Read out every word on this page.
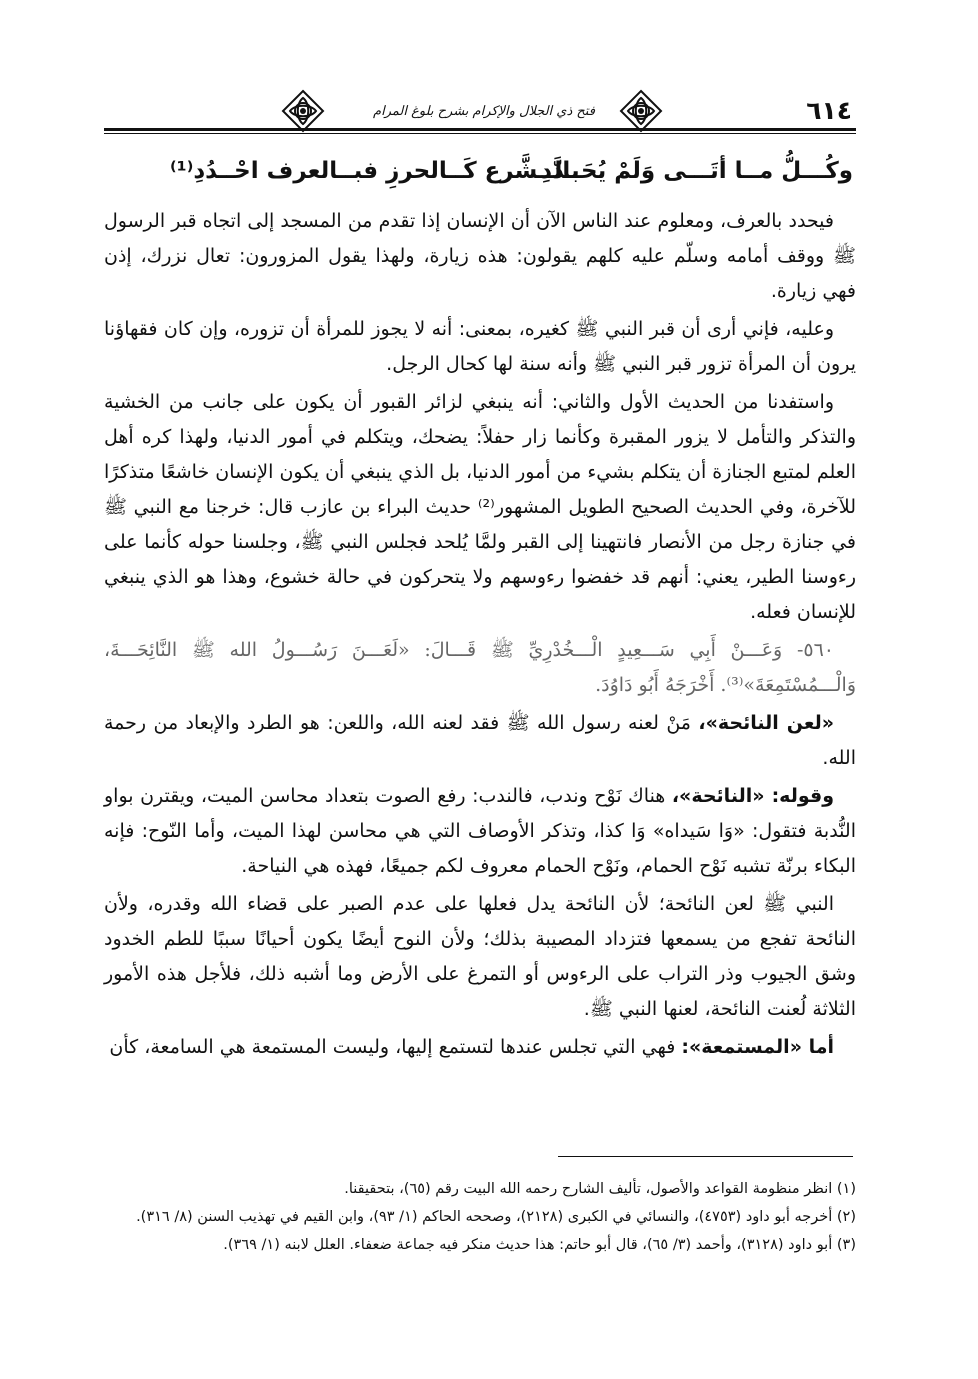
فتح ذي الجلال والإكرام بشرح بلوغ المرام	٦١٤
وكُـــلُّ مــا أتَـــى وَلَمْ يُحَــدَّدِ
بالــشَّرع كَــالحرزِ فبــالعرف احْــدُدِ⁽¹⁾

فيحدد بالعرف، ومعلوم عند الناس الآن أن الإنسان إذا تقدم من المسجد إلى اتجاه قبر الرسول ﷺ ووقف أمامه وسلّم عليه كلهم يقولون: هذه زيارة، ولهذا يقول المزورون: تعال نزرك، إذن فهي زيارة.

وعليه، فإني أرى أن قبر النبي ﷺ كغيره، بمعنى: أنه لا يجوز للمرأة أن تزوره، وإن كان فقهاؤنا يرون أن المرأة تزور قبر النبي ﷺ وأنه سنة لها كحال الرجل.

واستفدنا من الحديث الأول والثاني: أنه ينبغي لزائر القبور أن يكون على جانب من الخشية والتذكر والتأمل لا يزور المقبرة وكأنما زار حفلاً: يضحك، ويتكلم في أمور الدنيا، ولهذا كره أهل العلم لمتبع الجنازة أن يتكلم بشيء من أمور الدنيا، بل الذي ينبغي أن يكون الإنسان خاشعًا متذكرًا للآخرة، وفي الحديث الصحيح الطويل المشهور⁽²⁾ حديث البراء بن عازب قال: خرجنا مع النبي ﷺ في جنازة رجل من الأنصار فانتهينا إلى القبر ولمَّا يُلحد فجلس النبي ﷺ، وجلسنا حوله كأنما على رءوسنا الطير، يعني: أنهم قد خفضوا رءوسهم ولا يتحركون في حالة خشوع، وهذا هو الذي ينبغي للإنسان فعله.

٥٦٠- وَعَـــنْ أَبِي سَـــعِيدٍ الْـــخُدْرِيِّ ﷺ قَـــالَ: «لَعَـــنَ رَسُـــولُ الله ﷺ النَّائِحَـــةَ، وَالْـــمُسْتَمِعَةَ»⁽³⁾. أَخْرَجَهُ أَبُو دَاوُدَ.

«لعن النائحة»، مَنْ لعنه رسول الله ﷺ فقد لعنه الله، واللعن: هو الطرد والإبعاد من رحمة الله.

وقوله: «النائحة»، هناك نَوْح وندب، فالندب: رفع الصوت بتعداد محاسن الميت، ويقترن بواو النُّدبة فتقول: «وَا سَيداه» وَا كذا، وتذكر الأوصاف التي هي محاسن لهذا الميت، وأما النّوح: فإنه البكاء برنّة تشبه نَوْح الحمام، ونَوْح الحمام معروف لكم جميعًا، فهذه هي النياحة.

النبي ﷺ لعن النائحة؛ لأن النائحة يدل فعلها على عدم الصبر على قضاء الله وقدره، ولأن النائحة تفجع من يسمعها فتزداد المصيبة بذلك؛ ولأن النوح أيضًا يكون أحيانًا سببًا للطم الخدود وشق الجيوب وذر التراب على الرءوس أو التمرغ على الأرض وما أشبه ذلك، فلأجل هذه الأمور الثلاثة لُعنت النائحة، لعنها النبي ﷺ.

أما «المستمعة»: فهي التي تجلس عندها لتستمع إليها، وليست المستمعة هي السامعة، كأن

(١) انظر منظومة القواعد والأصول، تأليف الشارح رحمه الله البيت رقم (٦٥)، بتحقيقنا.

(٢) أخرجه أبو داود (٤٧٥٣)، والنسائي في الكبرى (٢١٢٨)، وصححه الحاكم (١/ ٩٣)، وابن القيم في تهذيب السنن (٨/ ٣١٦).

(٣) أبو داود (٣١٢٨)، وأحمد (٣/ ٦٥)، قال أبو حاتم: هذا حديث منكر فيه جماعة ضعفاء. العلل لابنه (١/ ٣٦٩).
